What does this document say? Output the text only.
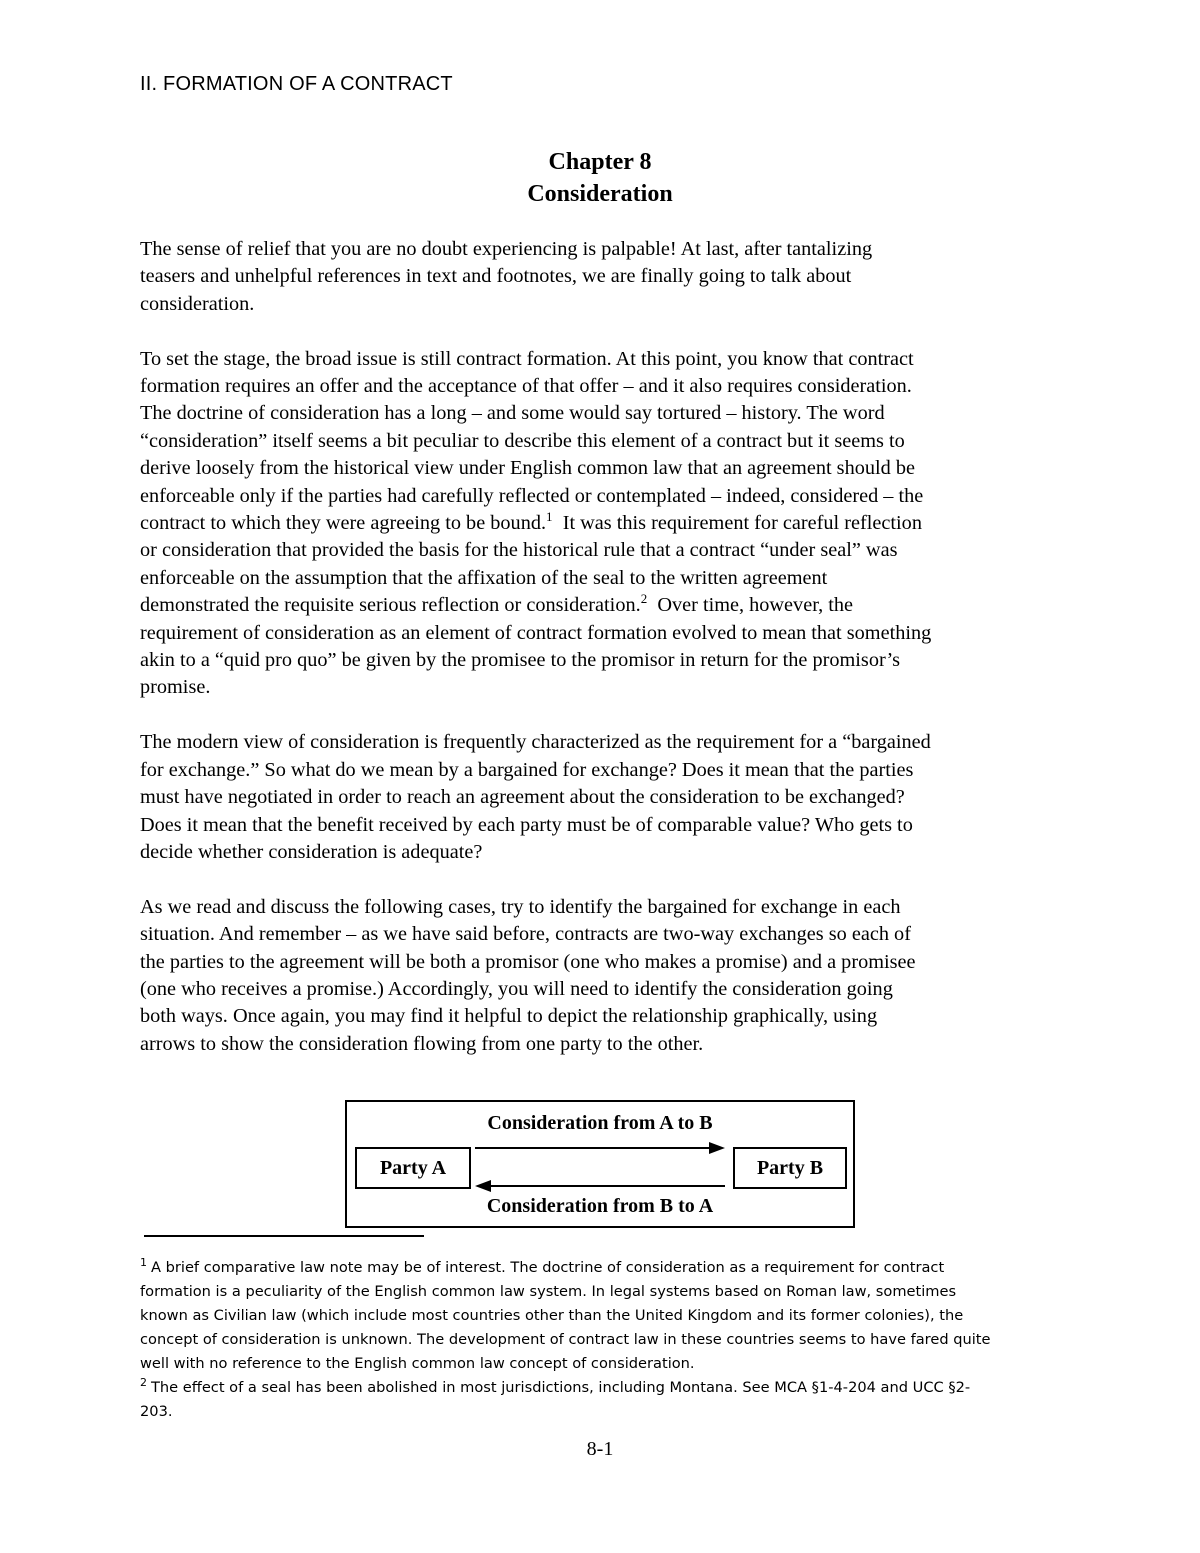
II. FORMATION OF A CONTRACT
Chapter 8
Consideration

The sense of relief that you are no doubt experiencing is palpable! At last, after tantalizing
teasers and unhelpful references in text and footnotes, we are finally going to talk about
consideration.

To set the stage, the broad issue is still contract formation. At this point, you know that contract
formation requires an offer and the acceptance of that offer – and it also requires consideration.
The doctrine of consideration has a long – and some would say tortured – history. The word
“consideration” itself seems a bit peculiar to describe this element of a contract but it seems to
derive loosely from the historical view under English common law that an agreement should be
enforceable only if the parties had carefully reflected or contemplated – indeed, considered – the
contract to which they were agreeing to be bound.$^1$  It was this requirement for careful reflection
or consideration that provided the basis for the historical rule that a contract “under seal” was
enforceable on the assumption that the affixation of the seal to the written agreement
demonstrated the requisite serious reflection or consideration.$^2$  Over time, however, the
requirement of consideration as an element of contract formation evolved to mean that something
akin to a “quid pro quo” be given by the promisee to the promisor in return for the promisor’s
promise.

The modern view of consideration is frequently characterized as the requirement for a “bargained
for exchange.” So what do we mean by a bargained for exchange? Does it mean that the parties
must have negotiated in order to reach an agreement about the consideration to be exchanged?
Does it mean that the benefit received by each party must be of comparable value? Who gets to
decide whether consideration is adequate?

As we read and discuss the following cases, try to identify the bargained for exchange in each
situation. And remember – as we have said before, contracts are two-way exchanges so each of
the parties to the agreement will be both a promisor (one who makes a promise) and a promisee
(one who receives a promise.) Accordingly, you will need to identify the consideration going
both ways. Once again, you may find it helpful to depict the relationship graphically, using
arrows to show the consideration flowing from one party to the other.

Consideration from A to B
Party A	Party B
Consideration from B to A
$^1$ A brief comparative law note may be of interest. The doctrine of consideration as a requirement for contract
formation is a peculiarity of the English common law system. In legal systems based on Roman law, sometimes
known as Civilian law (which include most countries other than the United Kingdom and its former colonies), the
concept of consideration is unknown. The development of contract law in these countries seems to have fared quite
well with no reference to the English common law concept of consideration.
$^2$ The effect of a seal has been abolished in most jurisdictions, including Montana. See MCA §1-4-204 and UCC §2-
203.
8-1
